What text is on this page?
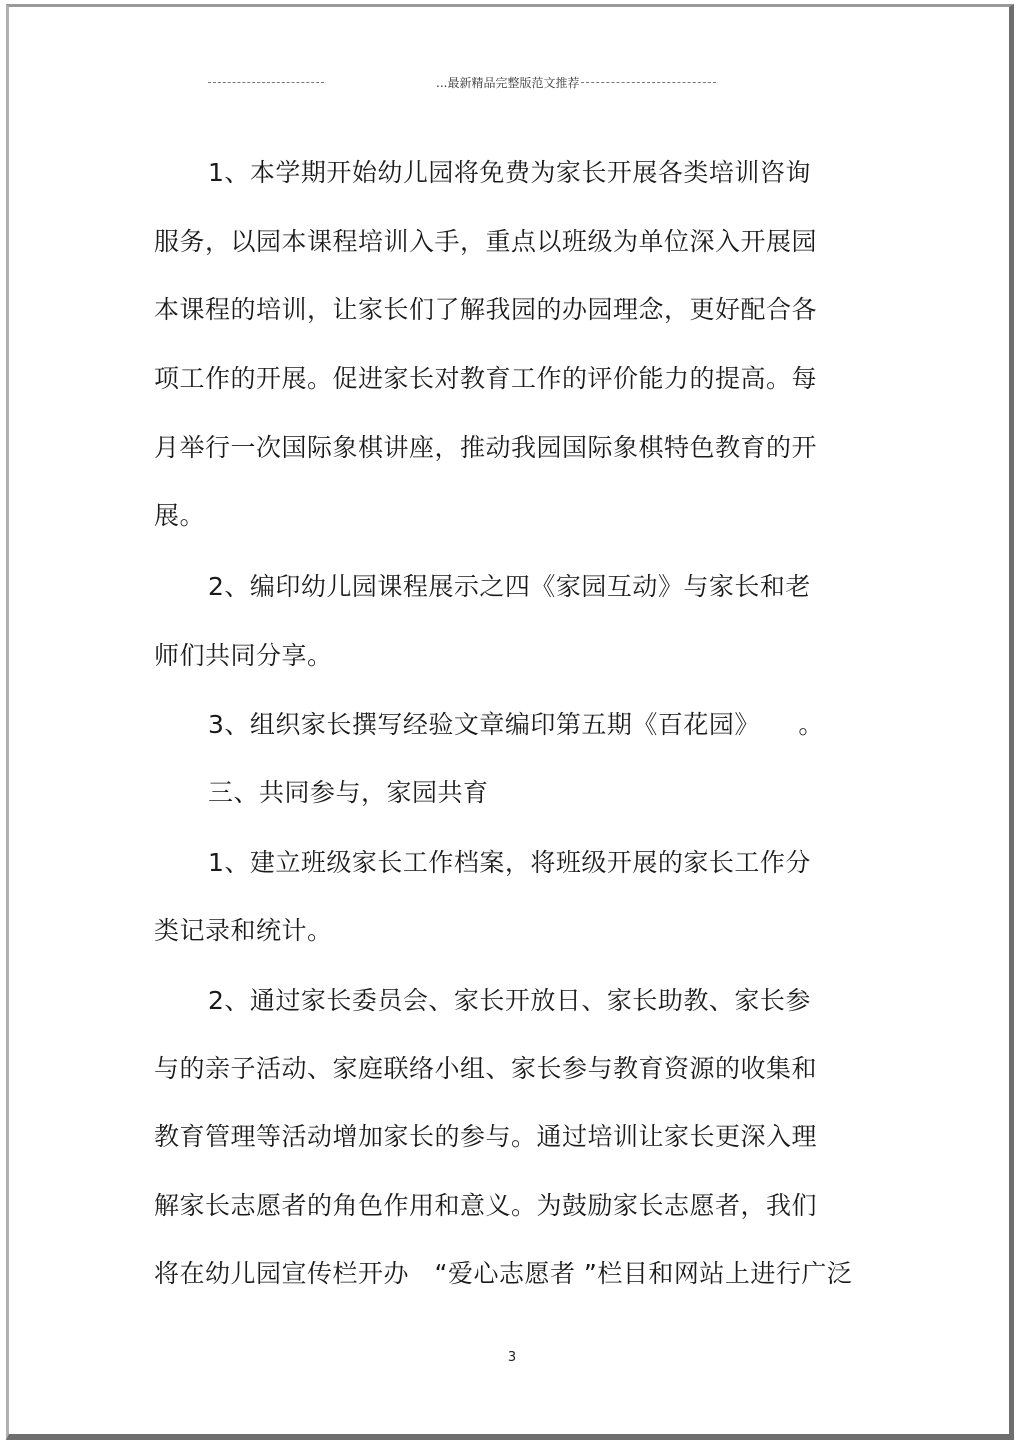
...最新精品完整版范文推荐
1、本学期开始幼儿园将免费为家长开展各类培训咨询
服务，以园本课程培训入手，重点以班级为单位深入开展园
本课程的培训，让家长们了解我园的办园理念，更好配合各
项工作的开展。促进家长对教育工作的评价能力的提高。每
月举行一次国际象棋讲座，推动我园国际象棋特色教育的开
展。
2、编印幼儿园课程展示之四《家园互动》与家长和老
师们共同分享。
3、组织家长撰写经验文章编印第五期《百花园》　　。
三、共同参与，家园共育
1、建立班级家长工作档案，将班级开展的家长工作分
类记录和统计。
2、通过家长委员会、家长开放日、家长助教、家长参
与的亲子活动、家庭联络小组、家长参与教育资源的收集和
教育管理等活动增加家长的参与。通过培训让家长更深入理
解家长志愿者的角色作用和意义。为鼓励家长志愿者，我们
将在幼儿园宣传栏开办　“爱心志愿者 ”栏目和网站上进行广泛
3
